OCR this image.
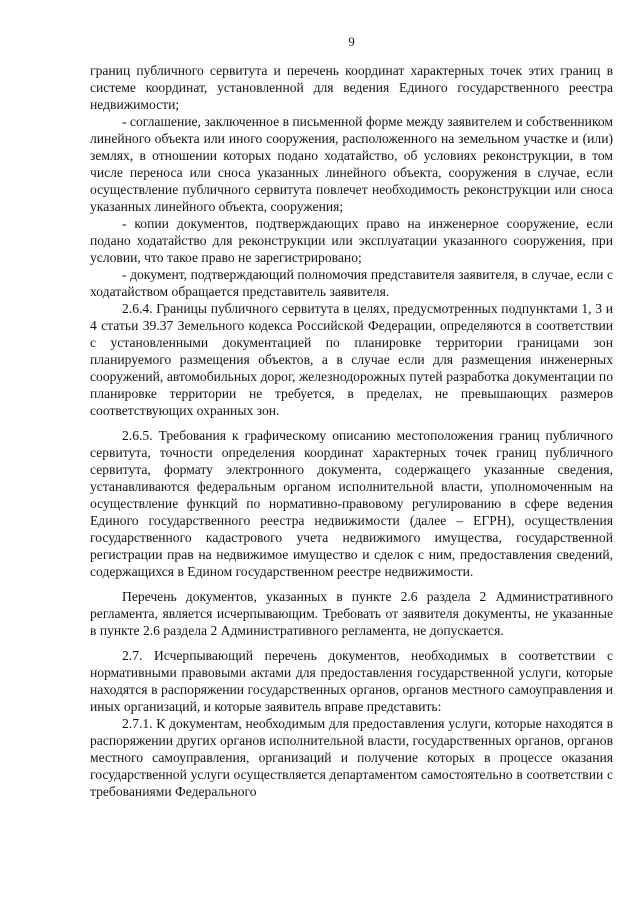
9

границ публичного сервитута и перечень координат характерных точек этих границ в системе координат, установленной для ведения Единого государственного реестра недвижимости;

- соглашение, заключенное в письменной форме между заявителем и собственником линейного объекта или иного сооружения, расположенного на земельном участке и (или) землях, в отношении которых подано ходатайство, об условиях реконструкции, в том числе переноса или сноса указанных линейного объекта, сооружения в случае, если осуществление публичного сервитута повлечет необходимость реконструкции или сноса указанных линейного объекта, сооружения;

- копии документов, подтверждающих право на инженерное сооружение, если подано ходатайство для реконструкции или эксплуатации указанного сооружения, при условии, что такое право не зарегистрировано;

- документ, подтверждающий полномочия представителя заявителя, в случае, если с ходатайством обращается представитель заявителя.

2.6.4. Границы публичного сервитута в целях, предусмотренных подпунктами 1, 3 и 4 статьи 39.37 Земельного кодекса Российской Федерации, определяются в соответствии с установленными документацией по планировке территории границами зон планируемого размещения объектов, а в случае если для размещения инженерных сооружений, автомобильных дорог, железнодорожных путей разработка документации по планировке территории не требуется, в пределах, не превышающих размеров соответствующих охранных зон.

2.6.5. Требования к графическому описанию местоположения границ публичного сервитута, точности определения координат характерных точек границ публичного сервитута, формату электронного документа, содержащего указанные сведения, устанавливаются федеральным органом исполнительной власти, уполномоченным на осуществление функций по нормативно-правовому регулированию в сфере ведения Единого государственного реестра недвижимости (далее – ЕГРН), осуществления государственного кадастрового учета недвижимого имущества, государственной регистрации прав на недвижимое имущество и сделок с ним, предоставления сведений, содержащихся в Едином государственном реестре недвижимости.

Перечень документов, указанных в пункте 2.6 раздела 2 Административного регламента, является исчерпывающим. Требовать от заявителя документы, не указанные в пункте 2.6 раздела 2 Административного регламента, не допускается.

2.7. Исчерпывающий перечень документов, необходимых в соответствии с нормативными правовыми актами для предоставления государственной услуги, которые находятся в распоряжении государственных органов, органов местного самоуправления и иных организаций, и которые заявитель вправе представить:

2.7.1. К документам, необходимым для предоставления услуги, которые находятся в распоряжении других органов исполнительной власти, государственных органов, органов местного самоуправления, организаций и получение которых в процессе оказания государственной услуги осуществляется департаментом самостоятельно в соответствии с требованиями Федерального
